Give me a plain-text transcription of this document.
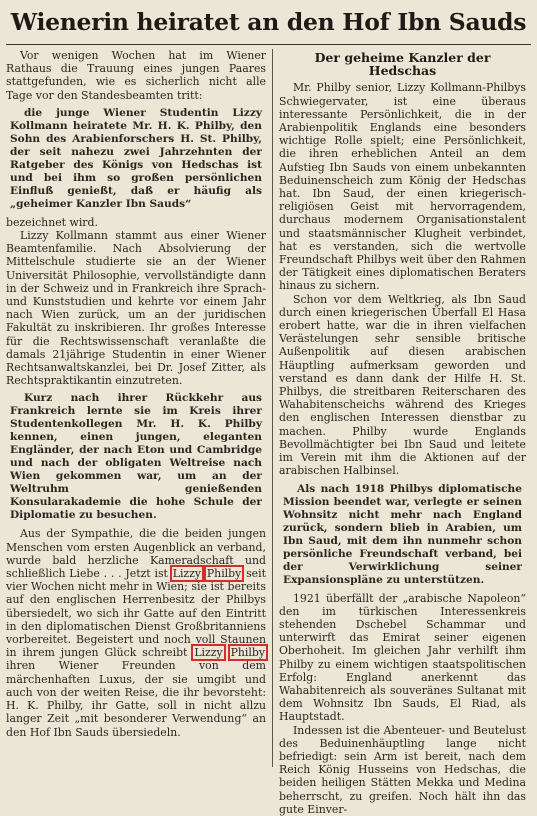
Wienerin heiratet an den Hof Ibn Sauds

Vor wenigen Wochen hat im Wiener Rathaus die Trauung eines jungen Paares stattgefunden, wie es sicherlich nicht alle Tage vor den Standesbeamten tritt:

die junge Wiener Studentin Lizzy Kollmann heiratete Mr. H. K. Philby, den Sohn des Arabienforschers H. St. Philby, der seit nahezu zwei Jahrzehnten der Ratgeber des Königs von Hedschas ist und bei ihm so großen persönlichen Einfluß genießt, daß er häufig als „geheimer Kanzler Ibn Sauds“

bezeichnet wird.

Lizzy Kollmann stammt aus einer Wiener Beamtenfamilie. Nach Absolvierung der Mittelschule studierte sie an der Wiener Universität Philosophie, vervollständigte dann in der Schweiz und in Frankreich ihre Sprach- und Kunststudien und kehrte vor einem Jahr nach Wien zurück, um an der juridischen Fakultät zu inskribieren. Ihr großes Interesse für die Rechtswissenschaft veranlaßte die damals 21jährige Studentin in einer Wiener Rechtsanwaltskanzlei, bei Dr. Josef Zitter, als Rechtspraktikantin einzutreten.

Kurz nach ihrer Rückkehr aus Frankreich lernte sie im Kreis ihrer Studentenkollegen Mr. H. K. Philby kennen, einen jungen, eleganten Engländer, der nach Eton und Cambridge und nach der obligaten Weltreise nach Wien gekommen war, um an der Weltruhm genießenden Konsularakademie die hohe Schule der Diplomatie zu besuchen.

Aus der Sympathie, die die beiden jungen Menschen vom ersten Augenblick an verband, wurde bald herzliche Kameradschaft und schließlich Liebe . . . Jetzt ist Lizzy Philby seit vier Wochen nicht mehr in Wien; sie ist bereits auf den englischen Herrenbesitz der Philbys übersiedelt, wo sich ihr Gatte auf den Eintritt in den diplomatischen Dienst Großbritanniens vorbereitet. Begeistert und noch voll Staunen in ihrem jungen Glück schreibt Lizzy Philby ihren Wiener Freunden von dem märchenhaften Luxus, der sie umgibt und auch von der weiten Reise, die ihr bevorsteht: H. K. Philby, ihr Gatte, soll in nicht allzu langer Zeit „mit besonderer Verwendung“ an den Hof Ibn Sauds übersiedeln.

Der geheime Kanzler der Hedschas

Mr. Philby senior, Lizzy Kollmann-Philbys Schwiegervater, ist eine überaus interessante Persönlichkeit, die in der Arabienpolitik Englands eine besonders wichtige Rolle spielt; eine Persönlichkeit, die ihren erheblichen Anteil an dem Aufstieg Ibn Sauds von einem unbekannten Beduinenscheich zum König der Hedschas hat. Ibn Saud, der einen kriegerisch-religiösen Geist mit hervorragendem, durchaus modernem Organisationstalent und staatsmännischer Klugheit verbindet, hat es verstanden, sich die wertvolle Freundschaft Philbys weit über den Rahmen der Tätigkeit eines diplomatischen Beraters hinaus zu sichern.

Schon vor dem Weltkrieg, als Ibn Saud durch einen kriegerischen Überfall El Hasa erobert hatte, war die in ihren vielfachen Verästelungen sehr sensible britische Außenpolitik auf diesen arabischen Häuptling aufmerksam geworden und verstand es dann dank der Hilfe H. St. Philbys, die streitbaren Reiterscharen des Wahabitenscheichs während des Krieges den englischen Interessen dienstbar zu machen. Philby wurde Englands Bevollmächtigter bei Ibn Saud und leitete im Verein mit ihm die Aktionen auf der arabischen Halbinsel.

Als nach 1918 Philbys diplomatische Mission beendet war, verlegte er seinen Wohnsitz nicht mehr nach England zurück, sondern blieb in Arabien, um Ibn Saud, mit dem ihn nunmehr schon persönliche Freundschaft verband, bei der Verwirklichung seiner Expansionspläne zu unterstützen.

1921 überfällt der „arabische Napoleon“ den im türkischen Interessenkreis stehenden Dschebel Schammar und unterwirft das Emirat seiner eigenen Oberhoheit. Im gleichen Jahr verhilft ihm Philby zu einem wichtigen staatspolitischen Erfolg: England anerkennt das Wahabitenreich als souveränes Sultanat mit dem Wohnsitz Ibn Sauds, El Riad, als Hauptstadt.

Indessen ist die Abenteuer- und Beutelust des Beduinenhäuptling lange nicht befriedigt: sein Arm ist bereit, nach dem Reich König Husseins von Hedschas, die beiden heiligen Stätten Mekka und Medina beherrscht, zu greifen. Noch hält ihn das gute Einver-
